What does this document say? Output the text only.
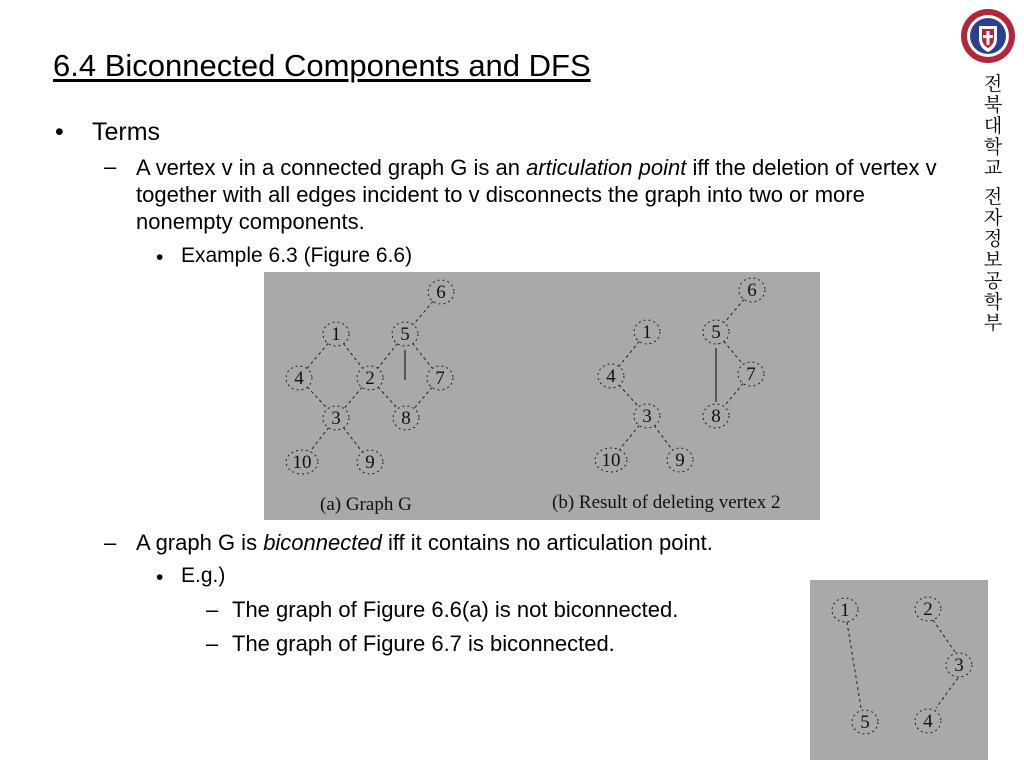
6.4 Biconnected Components and DFS
전
북
대
학
교
전
자
정
보
공
학
부
• Terms
– A vertex v in a connected graph G is an articulation point iff the deletion of vertex v together with all edges incident to v disconnects the graph into two or more nonempty components.
• Example 6.3 (Figure 6.6)
6
1	5
4	2	7
3	8
10	9
6
1	5
4	7
3	8
10	9
(a) Graph G	(b) Result of deleting vertex 2
– A graph G is biconnected iff it contains no articulation point.
• E.g.)
– The graph of Figure 6.6(a) is not biconnected.
– The graph of Figure 6.7 is biconnected.
1	2
3
5	4
